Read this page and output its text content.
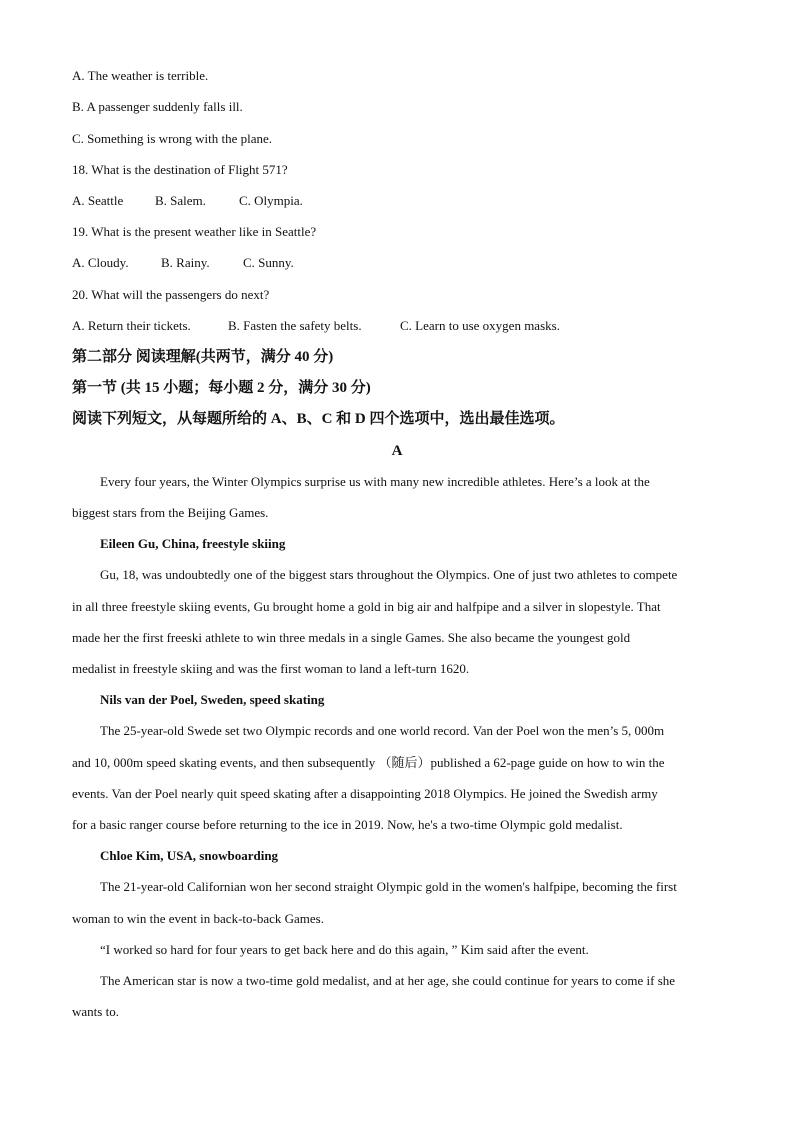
A. The weather is terrible.
B. A passenger suddenly falls ill.
C. Something is wrong with the plane.
18. What is the destination of Flight 571?
A. Seattle B. Salem.	C. Olympia.
19. What is the present weather like in Seattle?
A. Cloudy. B. Rainy.	C. Sunny.
20. What will the passengers do next?
A. Return their tickets.	B. Fasten the safety belts.	C. Learn to use oxygen masks.
第二部分 阅读理解(共两节，满分 40 分)
第一节 (共 15 小题；每小题 2 分，满分 30 分)
阅读下列短文，从每题所给的 A、B、C 和 D 四个选项中，选出最佳选项。
A
Every four years, the Winter Olympics surprise us with many new incredible athletes. Here’s a look at the
biggest stars from the Beijing Games.
Eileen Gu, China, freestyle skiing
Gu, 18, was undoubtedly one of the biggest stars throughout the Olympics. One of just two athletes to compete
in all three freestyle skiing events, Gu brought home a gold in big air and halfpipe and a silver in slopestyle. That
made her the first freeski athlete to win three medals in a single Games. She also became the youngest gold
medalist in freestyle skiing and was the first woman to land a left-turn 1620.
Nils van der Poel, Sweden, speed skating
The 25-year-old Swede set two Olympic records and one world record. Van der Poel won the men’s 5, 000m
and 10, 000m speed skating events, and then subsequently （随后）published a 62-page guide on how to win the
events. Van der Poel nearly quit speed skating after a disappointing 2018 Olympics. He joined the Swedish army
for a basic ranger course before returning to the ice in 2019. Now, he's a two-time Olympic gold medalist.
Chloe Kim, USA, snowboarding
The 21-year-old Californian won her second straight Olympic gold in the women's halfpipe, becoming the first
woman to win the event in back-to-back Games.
“I worked so hard for four years to get back here and do this again, ” Kim said after the event.
The American star is now a two-time gold medalist, and at her age, she could continue for years to come if she
wants to.
